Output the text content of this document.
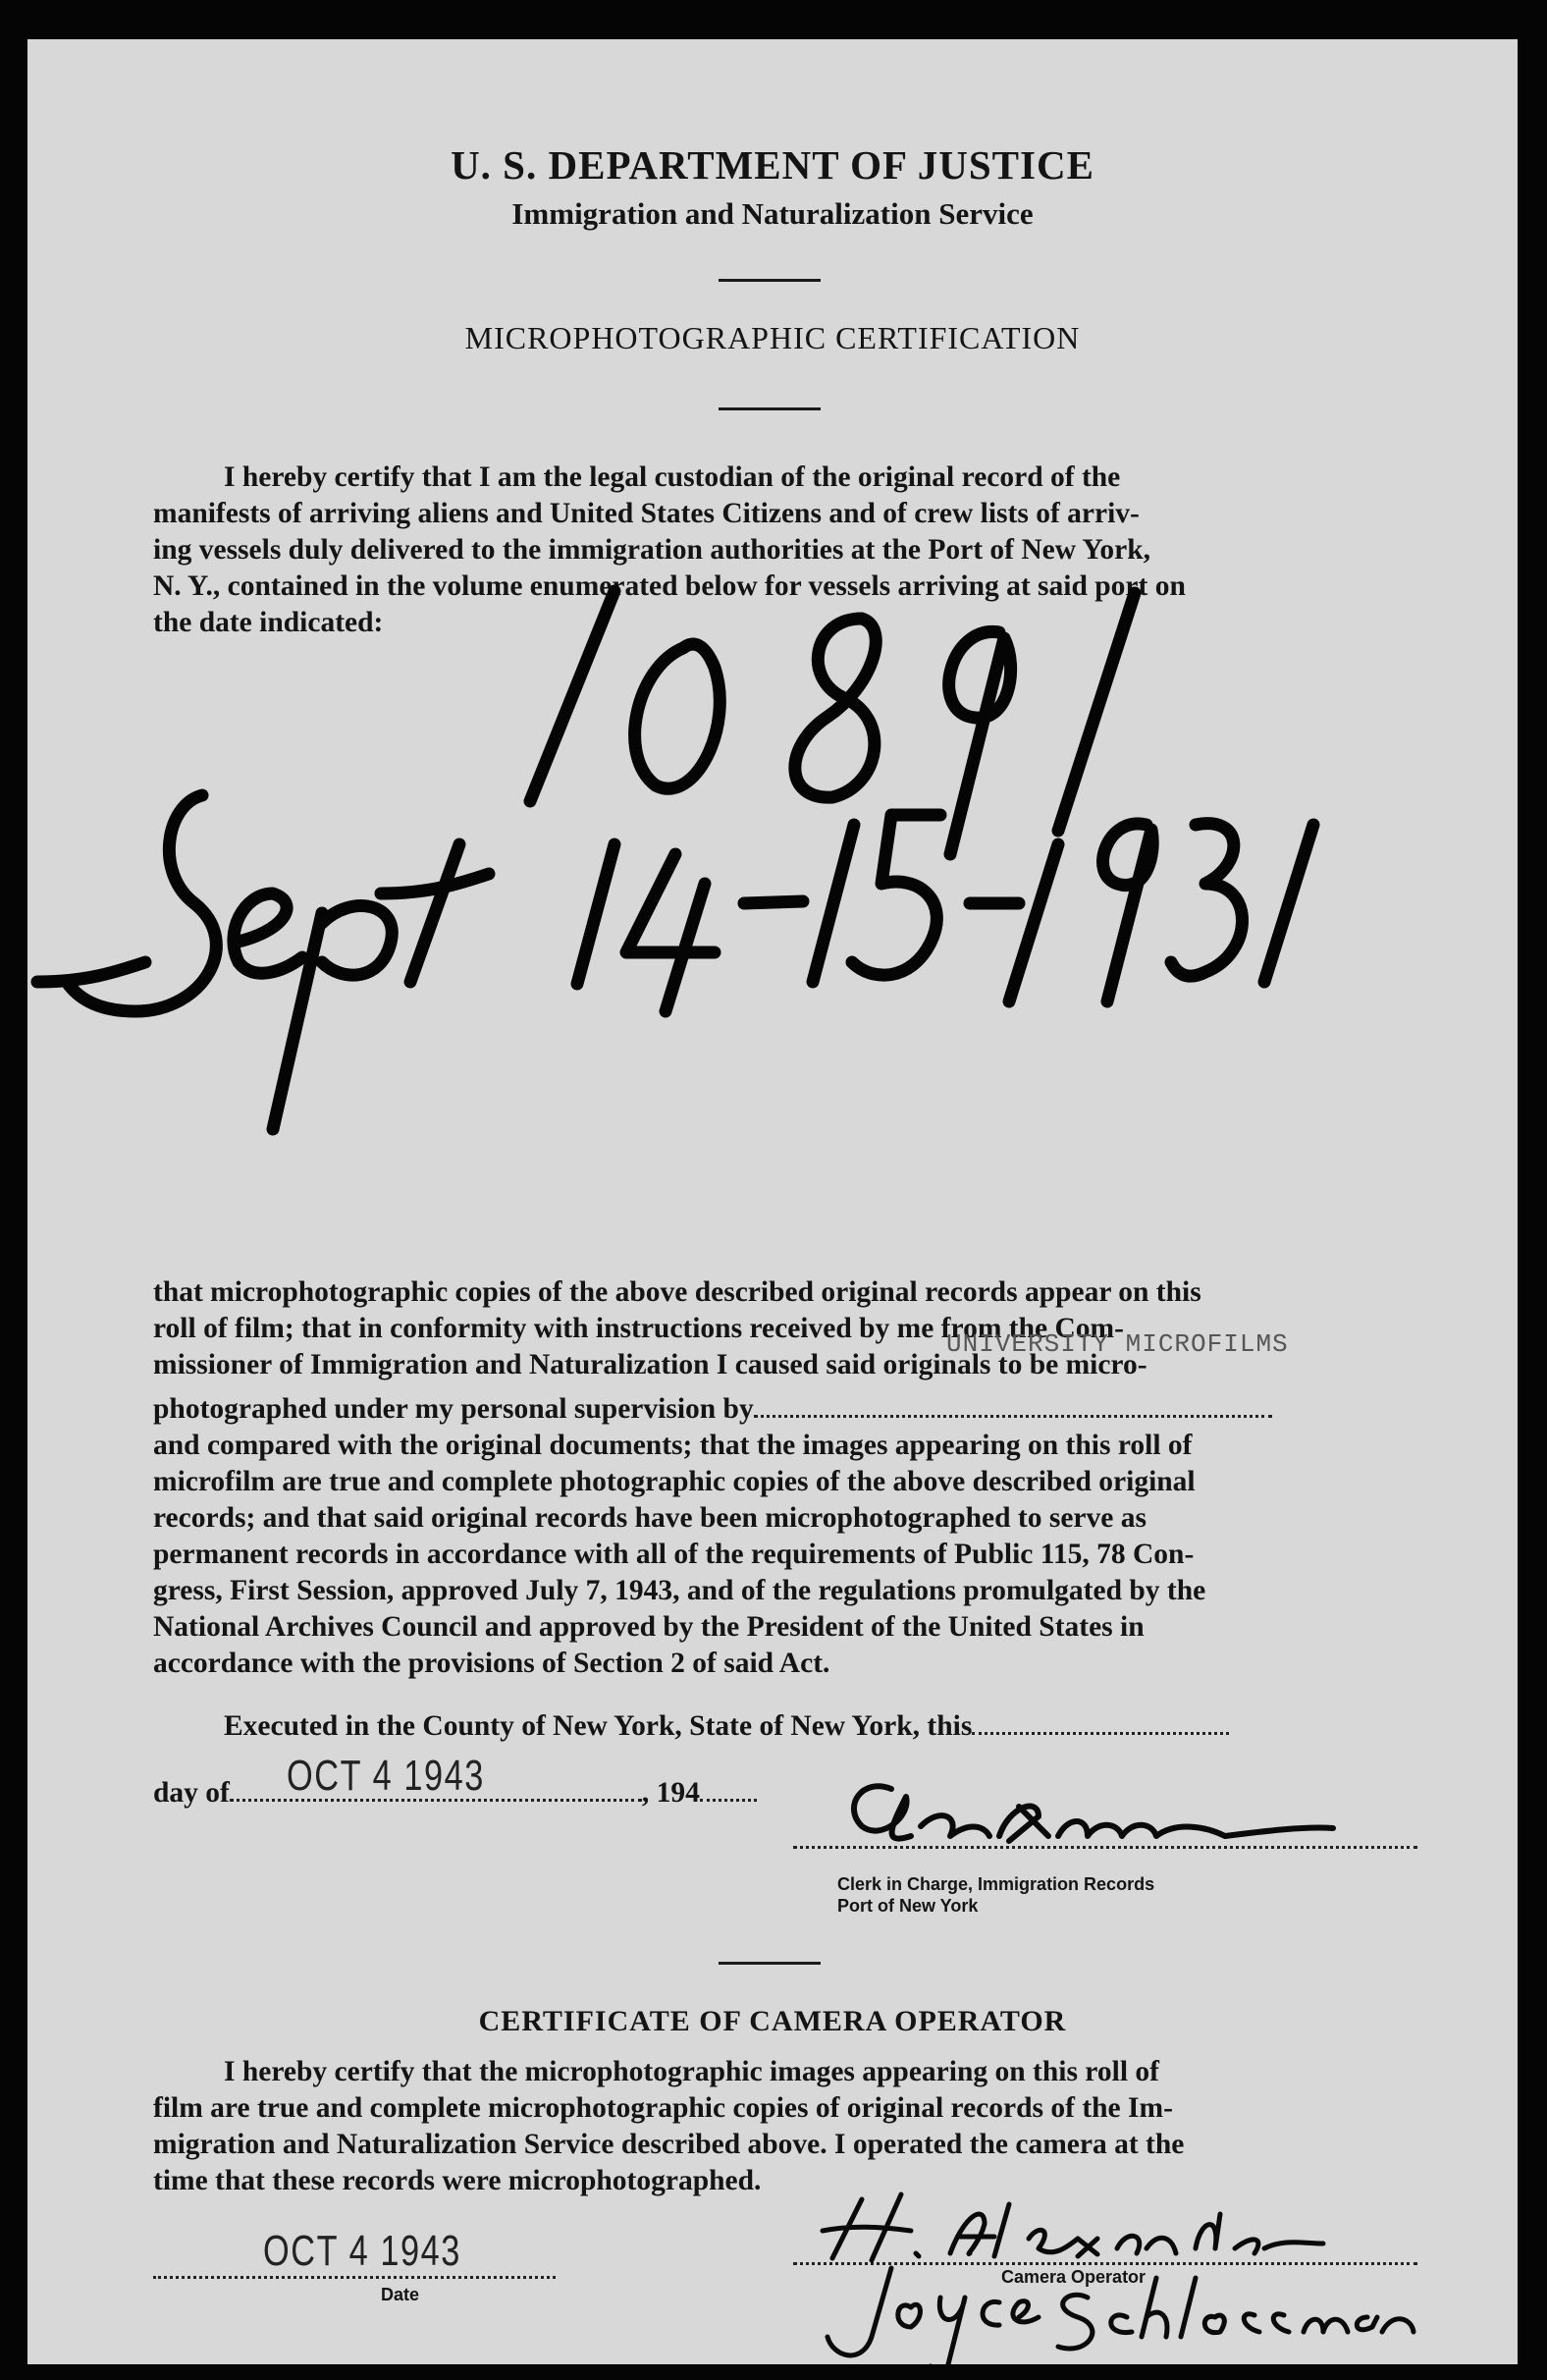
U. S. DEPARTMENT OF JUSTICE
Immigration and Naturalization Service
MICROPHOTOGRAPHIC CERTIFICATION
I hereby certify that I am the legal custodian of the original record of the
manifests of arriving aliens and United States Citizens and of crew lists of arriv-
ing vessels duly delivered to the immigration authorities at the Port of New York,
N. Y., contained in the volume enumerated below for vessels arriving at said port on
the date indicated:
that microphotographic copies of the above described original records appear on this
roll of film; that in conformity with instructions received by me from the Com-
missioner of Immigration and Naturalization I caused said originals to be micro-
photographed under my personal supervision by
and compared with the original documents; that the images appearing on this roll of
microfilm are true and complete photographic copies of the above described original
records; and that said original records have been microphotographed to serve as
permanent records in accordance with all of the requirements of Public 115, 78 Con-
gress, First Session, approved July 7, 1943, and of the regulations promulgated by the
National Archives Council and approved by the President of the United States in
accordance with the provisions of Section 2 of said Act.
UNIVERSITY MICROFILMS
Executed in the County of New York, State of New York, this
day of	, 194
OCT 4 1943
Clerk in Charge, Immigration Records
Port of New York
CERTIFICATE OF CAMERA OPERATOR
I hereby certify that the microphotographic images appearing on this roll of
film are true and complete microphotographic copies of original records of the Im-
migration and Naturalization Service described above. I operated the camera at the
time that these records were microphotographed.
OCT 4 1943
Date
Camera Operator
